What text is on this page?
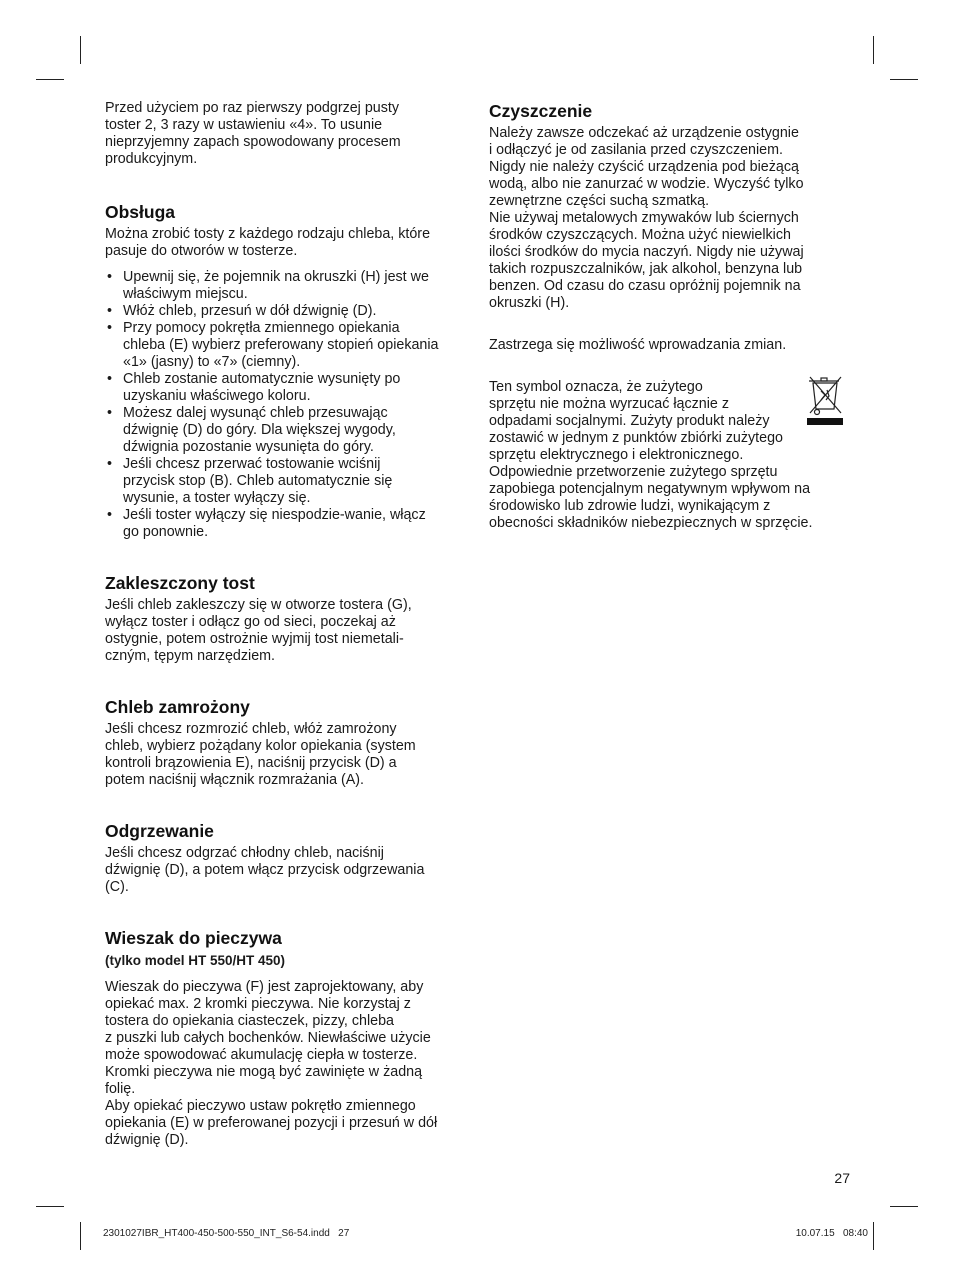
Przed użyciem po raz pierwszy podgrzej pusty
toster 2, 3 razy w ustawieniu «4». To usunie
nieprzyjemny zapach spowodowany procesem
produkcyjnym.

Obsługa

Można zrobić tosty z każdego rodzaju chleba, które
pasuje do otworów w tosterze.

• Upewnij się, że pojemnik na okruszki (H) jest we
właściwym miejscu.
• Włóż chleb, przesuń w dół dźwignię (D).
• Przy pomocy pokrętła zmiennego opiekania
chleba (E) wybierz preferowany stopień opiekania
«1» (jasny) to «7» (ciemny).
• Chleb zostanie automatycznie wysunięty po
uzyskaniu właściwego koloru.
• Możesz dalej wysunąć chleb przesuwając
dźwignię (D) do góry. Dla większej wygody,
dźwignia pozostanie wysunięta do góry.
• Jeśli chcesz przerwać tostowanie wciśnij
przycisk stop (B). Chleb automatycznie się
wysunie, a toster wyłączy się.
• Jeśli toster wyłączy się niespodzie-wanie, włącz
go ponownie.
Zakleszczony tost

Jeśli chleb zakleszczy się w otworze tostera (G),
wyłącz toster i odłącz go od sieci, poczekaj aż
ostygnie, potem ostrożnie wyjmij tost niemetali-
czným, tępym narzędziem.

Chleb zamrożony

Jeśli chcesz rozmrozić chleb, włóż zamrożony
chleb, wybierz pożądany kolor opiekania (system
kontroli brązowienia E), naciśnij przycisk (D) a
potem naciśnij włącznik rozmrażania (A).

Odgrzewanie

Jeśli chcesz odgrzać chłodny chleb, naciśnij
dźwignię (D), a potem włącz przycisk odgrzewania
(C).

Wieszak do pieczywa
(tylko model HT 550/HT 450)

Wieszak do pieczywa (F) jest zaprojektowany, aby
opiekać max. 2 kromki pieczywa. Nie korzystaj z
tostera do opiekania ciasteczek, pizzy, chleba
z puszki lub całych bochenków. Niewłaściwe użycie
może spowodować akumulację ciepła w tosterze.
Kromki pieczywa nie mogą być zawinięte w żadną
folię.
Aby opiekać pieczywo ustaw pokrętło zmiennego
opiekania (E) w preferowanej pozycji i przesuń w dół
dźwignię (D).

Czyszczenie

Należy zawsze odczekać aż urządzenie ostygnie
i odłączyć je od zasilania przed czyszczeniem.
Nigdy nie należy czyścić urządzenia pod bieżącą
wodą, albo nie zanurzać w wodzie. Wyczyść tylko
zewnętrzne części suchą szmatką.
Nie używaj metalowych zmywaków lub ściernych
środków czyszczących. Można użyć niewielkich
ilości środków do mycia naczyń. Nigdy nie używaj
takich rozpuszczalników, jak alkohol, benzyna lub
benzen. Od czasu do czasu opróżnij pojemnik na
okruszki (H).

Zastrzega się możliwość wprowadzania zmian.

Ten symbol oznacza, że zużytego
sprzętu nie można wyrzucać łącznie z
odpadami socjalnymi. Zużyty produkt należy
zostawić w jednym z punktów zbiórki zużytego
sprzętu elektrycznego i elektronicznego.
Odpowiednie przetworzenie zużytego sprzętu
zapobiega potencjalnym negatywnym wpływom na
środowisko lub zdrowie ludzi, wynikającym z
obecności składników niebezpiecznych w sprzęcie.

27
2301027IBR_HT400-450-500-550_INT_S6-54.indd   27	10.07.15   08:40
